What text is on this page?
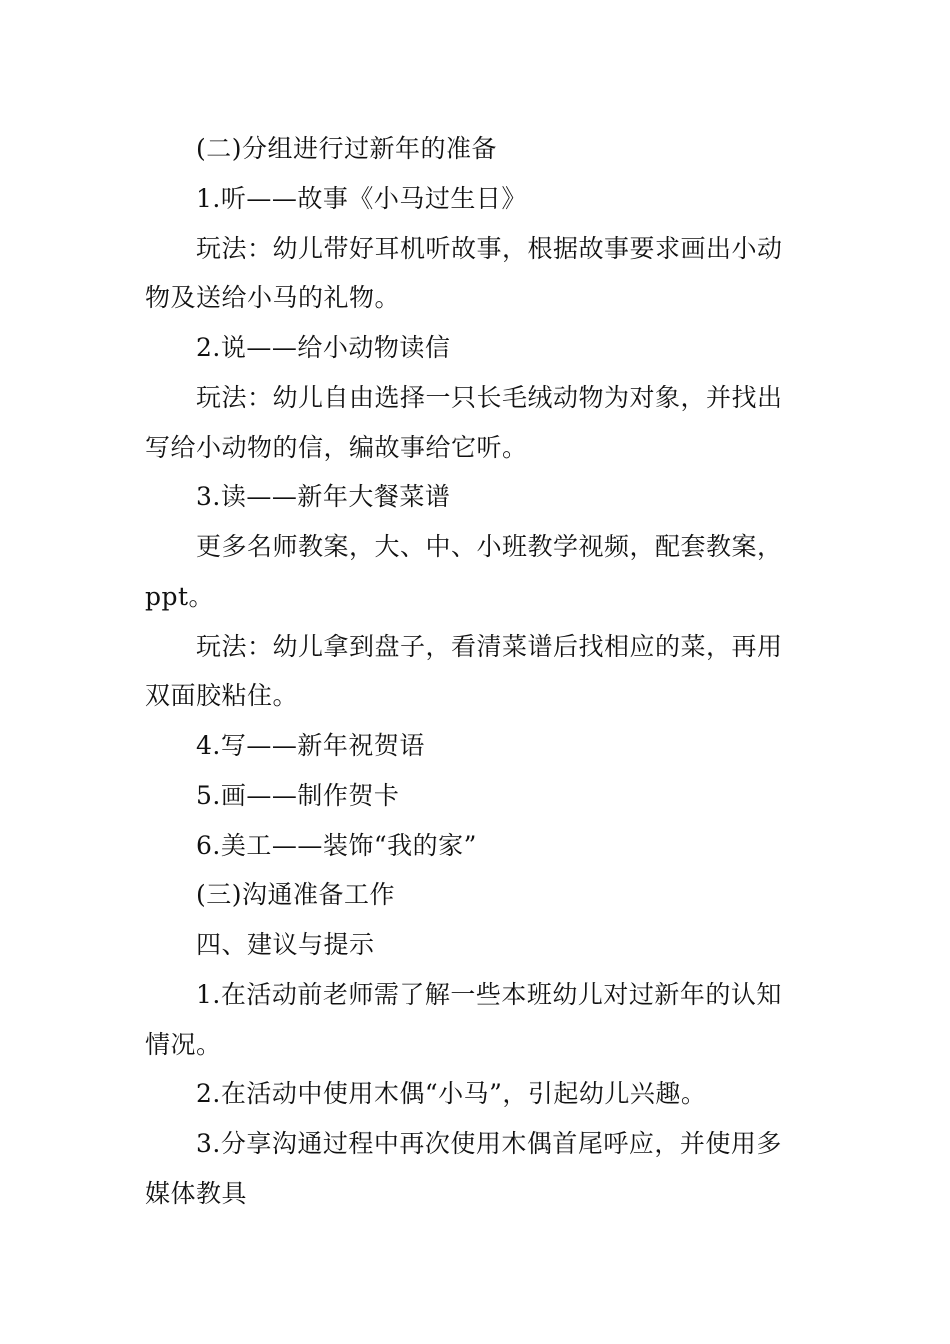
(二)分组进行过新年的准备
1.听——故事《小马过生日》
玩法：幼儿带好耳机听故事，根据故事要求画出小动
物及送给小马的礼物。
2.说——给小动物读信
玩法：幼儿自由选择一只长毛绒动物为对象，并找出
写给小动物的信，编故事给它听。
3.读——新年大餐菜谱
更多名师教案，大、中、小班教学视频，配套教案，
ppt。
玩法：幼儿拿到盘子，看清菜谱后找相应的菜，再用
双面胶粘住。
4.写——新年祝贺语
5.画——制作贺卡
6.美工——装饰“我的家”
(三)沟通准备工作
四、建议与提示
1.在活动前老师需了解一些本班幼儿对过新年的认知
情况。
2.在活动中使用木偶“小马”，引起幼儿兴趣。
3.分享沟通过程中再次使用木偶首尾呼应，并使用多
媒体教具
